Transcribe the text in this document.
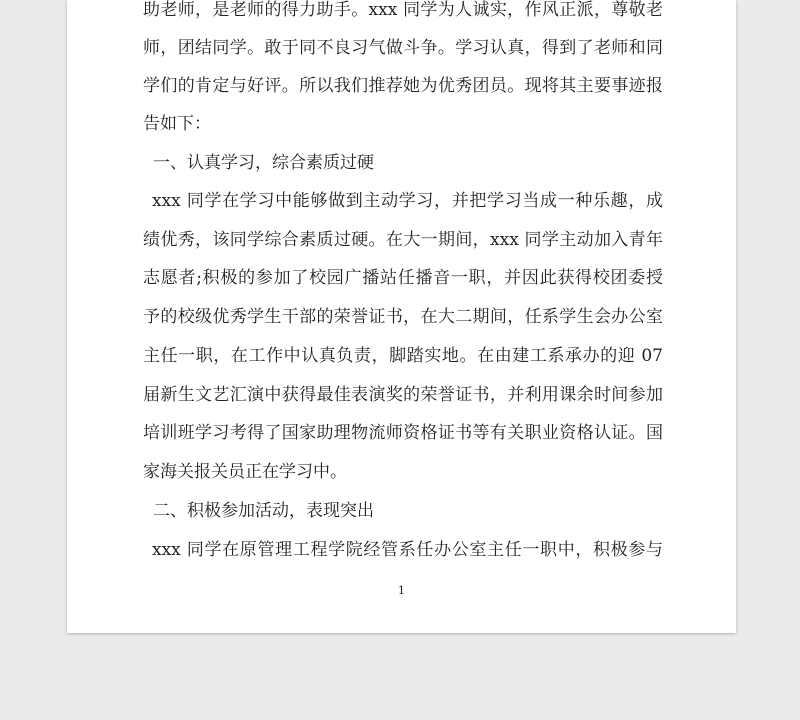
助老师，是老师的得力助手。xxx 同学为人诚实，作风正派，尊敬老
师，团结同学。敢于同不良习气做斗争。学习认真，得到了老师和同
学们的肯定与好评。所以我们推荐她为优秀团员。现将其主要事迹报
告如下：
一、认真学习，综合素质过硬
xxx 同学在学习中能够做到主动学习，并把学习当成一种乐趣，成
绩优秀，该同学综合素质过硬。在大一期间，xxx 同学主动加入青年
志愿者;积极的参加了校园广播站任播音一职，并因此获得校团委授
予的校级优秀学生干部的荣誉证书，在大二期间，任系学生会办公室
主任一职，在工作中认真负责，脚踏实地。在由建工系承办的迎 07
届新生文艺汇演中获得最佳表演奖的荣誉证书，并利用课余时间参加
培训班学习考得了国家助理物流师资格证书等有关职业资格认证。国
家海关报关员正在学习中。
二、积极参加活动，表现突出
xxx 同学在原管理工程学院经管系任办公室主任一职中，积极参与
1
